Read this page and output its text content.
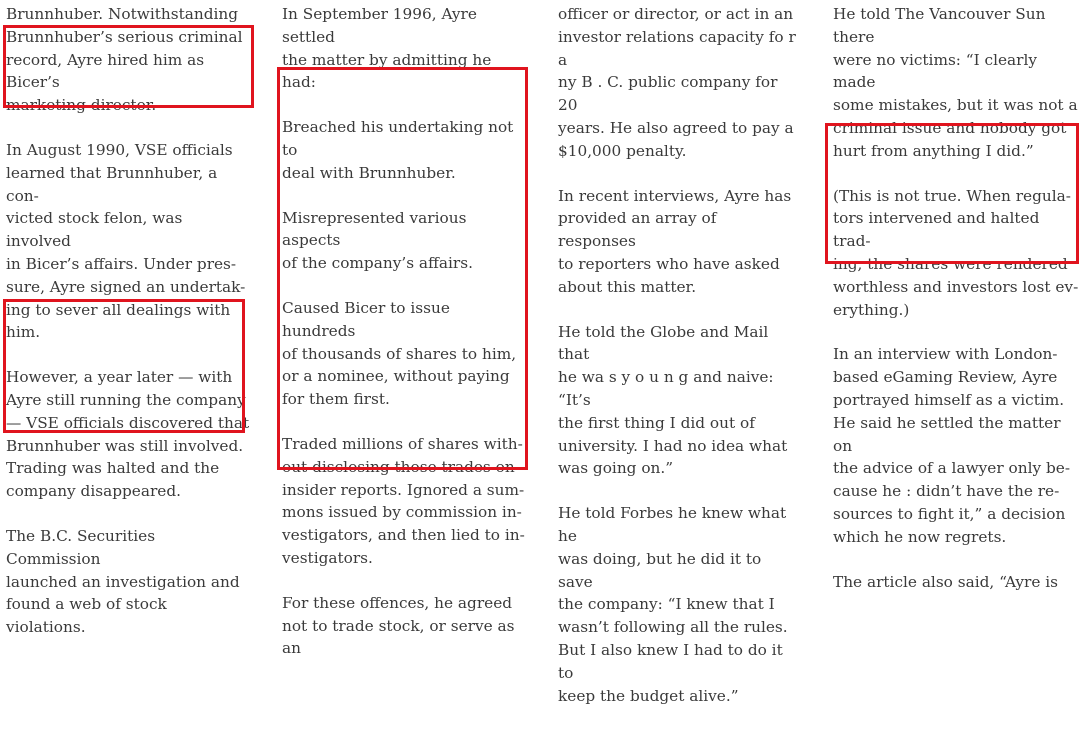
Brunnhuber. Notwithstanding
Brunnhuber’s serious criminal
record, Ayre hired him as Bicer’s
marketing director.

In August 1990, VSE officials
learned that Brunnhuber, a con-
victed stock felon, was involved
in Bicer’s affairs. Under pres-
sure, Ayre signed an undertak-
ing to sever all dealings with
him.

However, a year later — with
Ayre still running the company
— VSE officials discovered that
Brunnhuber was still involved.
Trading was halted and the
company disappeared.

The B.C. Securities Commission
launched an investigation and
found a web of stock violations.

In September 1996, Ayre settled
the matter by admitting he had:

Breached his undertaking not to
deal with Brunnhuber.

Misrepresented various aspects
of the company’s affairs.

Caused Bicer to issue hundreds
of thousands of shares to him,
or a nominee, without paying
for them first.

Traded millions of shares with-
out disclosing those trades on
insider reports. Ignored a sum-
mons issued by commission in-
vestigators, and then lied to in-
vestigators.

For these offences, he agreed
not to trade stock, or serve as an

officer or director, or act in an
investor relations capacity fo r a
ny B . C. public company for 20
years. He also agreed to pay a
$10,000 penalty.

In recent interviews, Ayre has
provided an array of responses
to reporters who have asked
about this matter.

He told the Globe and Mail that
he wa s y o u n g and naive: “It’s
the first thing I did out of
university. I had no idea what
was going on.”

He told Forbes he knew what he
was doing, but he did it to save
the company: “I knew that I
wasn’t following all the rules.
But I also knew I had to do it to
keep the budget alive.”

He told The Vancouver Sun there
were no victims: “I clearly made
some mistakes, but it was not a
criminal issue and nobody got
hurt from anything I did.”

(This is not true. When regula-
tors intervened and halted trad-
ing, the shares were rendered
worthless and investors lost ev-
erything.)

In an interview with London-
based eGaming Review, Ayre
portrayed himself as a victim.
He said he settled the matter on
the advice of a lawyer only be-
cause he : didn’t have the re-
sources to fight it,” a decision
which he now regrets.

The article also said, “Ayre is
